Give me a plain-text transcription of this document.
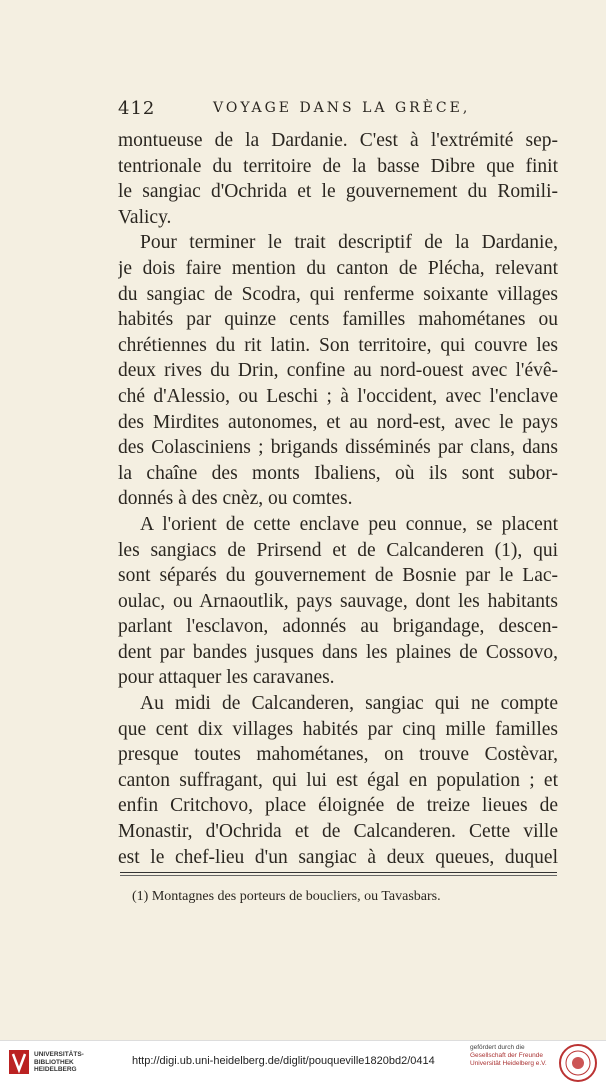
412	VOYAGE DANS LA GRÈCE,

montueuse de la Dardanie. C'est à l'extrémité sep-
tentrionale du territoire de la basse Dibre que finit
le sangiac d'Ochrida et le gouvernement du Romili-
Valicy.

Pour terminer le trait descriptif de la Dardanie,
je dois faire mention du canton de Plécha, relevant
du sangiac de Scodra, qui renferme soixante villages
habités par quinze cents familles mahométanes ou
chrétiennes du rit latin. Son territoire, qui couvre les
deux rives du Drin, confine au nord-ouest avec l'évê-
ché d'Alessio, ou Leschi ; à l'occident, avec l'enclave
des Mirdites autonomes, et au nord-est, avec le pays
des Colasciniens ; brigands disséminés par clans, dans
la chaîne des monts Ibaliens, où ils sont subor-
donnés à des cnèz, ou comtes.

A l'orient de cette enclave peu connue, se placent
les sangiacs de Prirsend et de Calcanderen (1), qui
sont séparés du gouvernement de Bosnie par le Lac-
oulac, ou Arnaoutlik, pays sauvage, dont les habitants
parlant l'esclavon, adonnés au brigandage, descen-
dent par bandes jusques dans les plaines de Cossovo,
pour attaquer les caravanes.

Au midi de Calcanderen, sangiac qui ne compte
que cent dix villages habités par cinq mille familles
presque toutes mahométanes, on trouve Costèvar,
canton suffragant, qui lui est égal en population ; et
enfin Critchovo, place éloignée de treize lieues de
Monastir, d'Ochrida et de Calcanderen. Cette ville
est le chef-lieu d'un sangiac à deux queues, duquel

(1) Montagnes des porteurs de boucliers, ou Tavasbars.
UNIVERSITÄTS-
BIBLIOTHEK
HEIDELBERG
http://digi.ub.uni-heidelberg.de/diglit/pouqueville1820bd2/0414
gefördert durch die
Gesellschaft der Freunde
Universität Heidelberg e.V.
